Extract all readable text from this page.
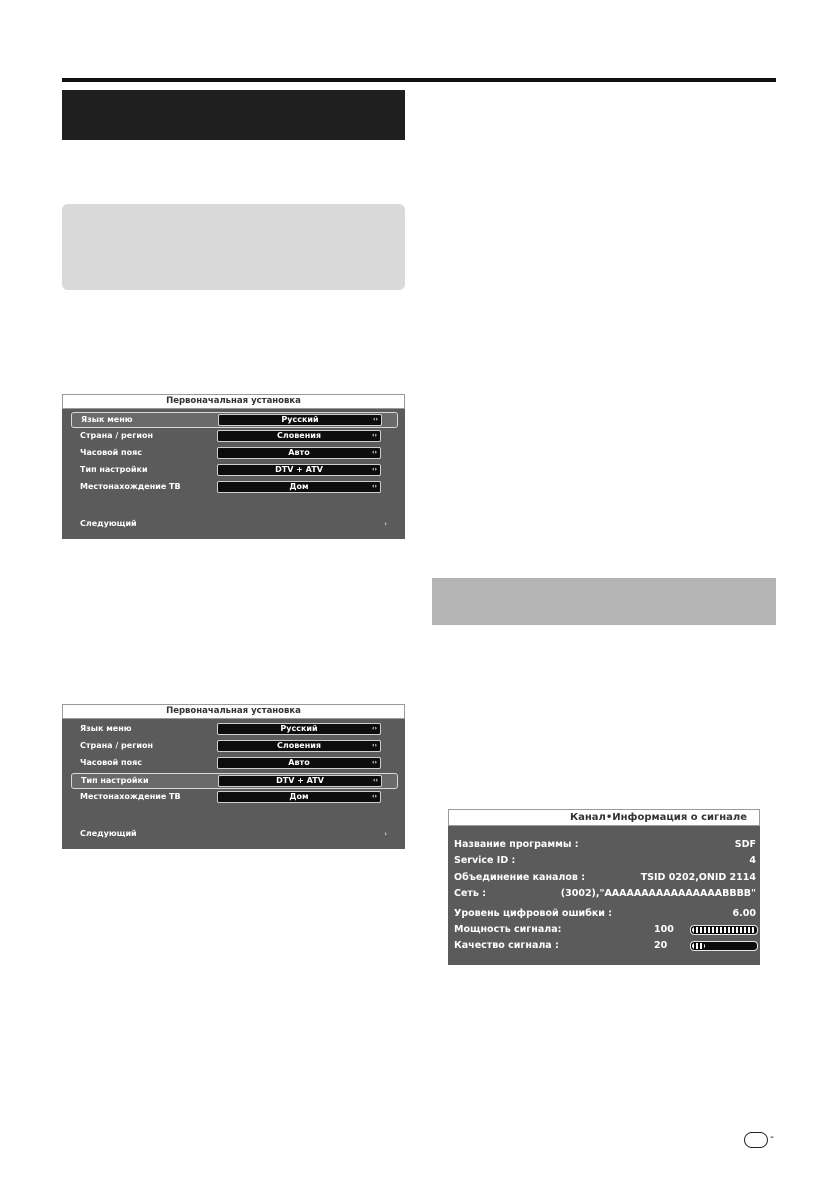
Первоначальная установка
Язык меню	Русский	‹›
Страна / регион	Словения	‹›
Часовой пояс	Авто	‹›
Тип настройки	DTV + ATV	‹›
Местонахождение ТВ	Дом	‹›
Следующий	›
Первоначальная установка
Язык меню	Русский	‹›
Страна / регион	Словения	‹›
Часовой пояс	Авто	‹›
Тип настройки	DTV + ATV	‹›
Местонахождение ТВ	Дом	‹›
Следующий	›
Канал•Информация о сигнале
Название программы :	SDF
Service ID :	4
Объединение каналов :	TSID 0202,ONID 2114
Сеть :	(3002),"AAAAAAAAAAAAAAAABBBB"
Уровень цифровой ошибки :	6.00
Мощность сигнала:	100
Качество сигнала :	20
-
